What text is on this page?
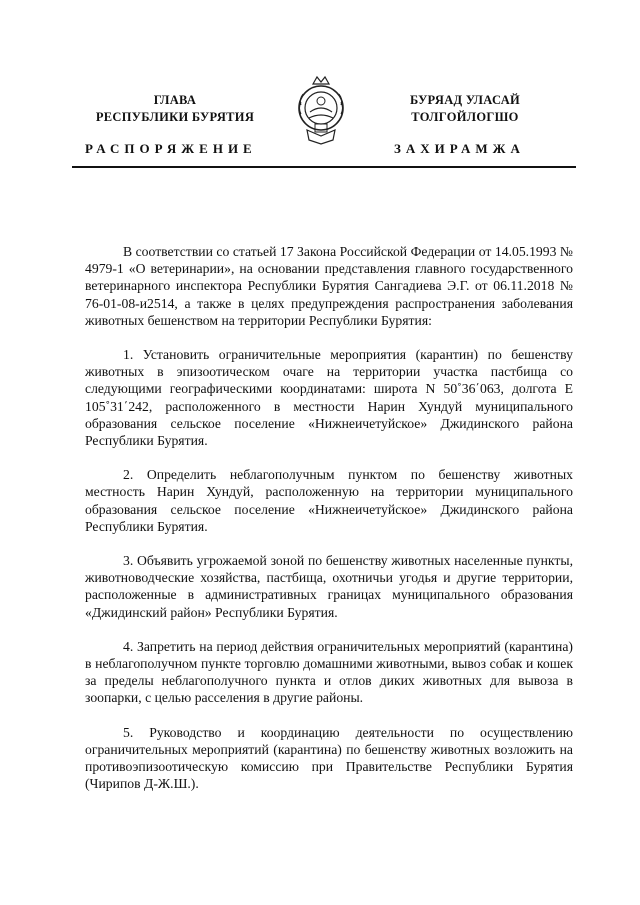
ГЛАВА
РЕСПУБЛИКИ БУРЯТИЯ
БУРЯАД УЛАСАЙ
ТОЛГОЙЛОГШО
РАСПОРЯЖЕНИЕ	ЗАХИРАМЖА

В соответствии со статьей 17 Закона Российской Федерации от 14.05.1993 № 4979-1 «О ветеринарии», на основании представления главного государственного ветеринарного инспектора Республики Бурятия Сангадиева Э.Г. от 06.11.2018 № 76-01-08-и2514, а также в целях предупреждения распространения заболевания животных бешенством на территории Республики Бурятия:

1. Установить ограничительные мероприятия (карантин) по бешенству животных в эпизоотическом очаге на территории участка пастбища со следующими географическими координатами: широта N 50˚36΄063, долгота E 105˚31΄242, расположенного в местности Нарин Хундуй муниципального образования сельское поселение «Нижнеичетуйское» Джидинского района Республики Бурятия.

2. Определить неблагополучным пунктом по бешенству животных местность Нарин Хундуй, расположенную на территории муниципального образования сельское поселение «Нижнеичетуйское» Джидинского района Республики Бурятия.

3. Объявить угрожаемой зоной по бешенству животных населенные пункты, животноводческие хозяйства, пастбища, охотничьи угодья и другие территории, расположенные в административных границах муниципального образования «Джидинский район» Республики Бурятия.

4. Запретить на период действия ограничительных мероприятий (карантина) в неблагополучном пункте торговлю домашними животными, вывоз собак и кошек за пределы неблагополучного пункта и отлов диких животных для вывоза в зоопарки, с целью расселения в другие районы.

5. Руководство и координацию деятельности по осуществлению ограничительных мероприятий (карантина) по бешенству животных возложить на противоэпизоотическую комиссию при Правительстве Республики Бурятия (Чирипов Д-Ж.Ш.).
